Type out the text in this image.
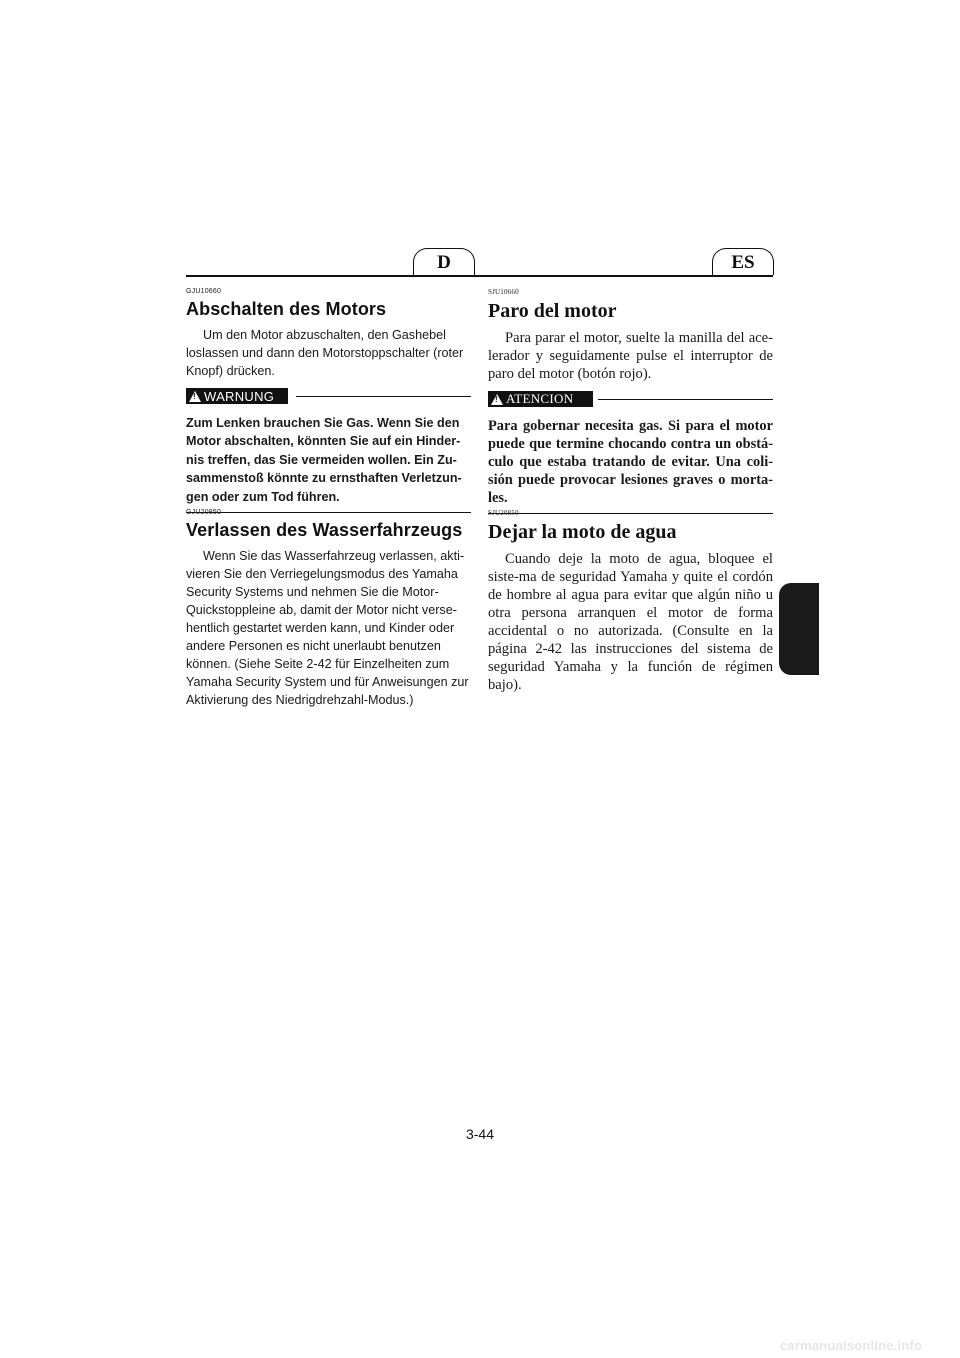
D	ES
GJU10660
Abschalten des Motors

Um den Motor abzuschalten, den Gashebel loslassen und dann den Motorstoppschalter (roter Knopf) drücken.

!
WARNUNG

Zum Lenken brauchen Sie Gas. Wenn Sie den Motor abschalten, könnten Sie auf ein Hinder-nis treffen, das Sie vermeiden wollen. Ein Zu-sammenstoß könnte zu ernsthaften Verletzun-gen oder zum Tod führen.

GJU20850
Verlassen des Wasserfahrzeugs

Wenn Sie das Wasserfahrzeug verlassen, akti-vieren Sie den Verriegelungsmodus des Yamaha Security Systems und nehmen Sie die Motor-Quickstoppleine ab, damit der Motor nicht verse-hentlich gestartet werden kann, und Kinder oder andere Personen es nicht unerlaubt benutzen können. (Siehe Seite 2-42 für Einzelheiten zum Yamaha Security System und für Anweisungen zur Aktivierung des Niedrigdrehzahl-Modus.)

SJU10660
Paro del motor

Para parar el motor, suelte la manilla del ace-lerador y seguidamente pulse el interruptor de paro del motor (botón rojo).

!
ATENCION

Para gobernar necesita gas. Si para el motor puede que termine chocando contra un obstá-culo que estaba tratando de evitar. Una coli-sión puede provocar lesiones graves o morta-les.

SJU20850
Dejar la moto de agua

Cuando deje la moto de agua, bloquee el siste-ma de seguridad Yamaha y quite el cordón de hombre al agua para evitar que algún niño u otra persona arranquen el motor de forma accidental o no autorizada. (Consulte en la página 2-42 las instrucciones del sistema de seguridad Yamaha y la función de régimen bajo).

3-44
carmanualsonline.info
